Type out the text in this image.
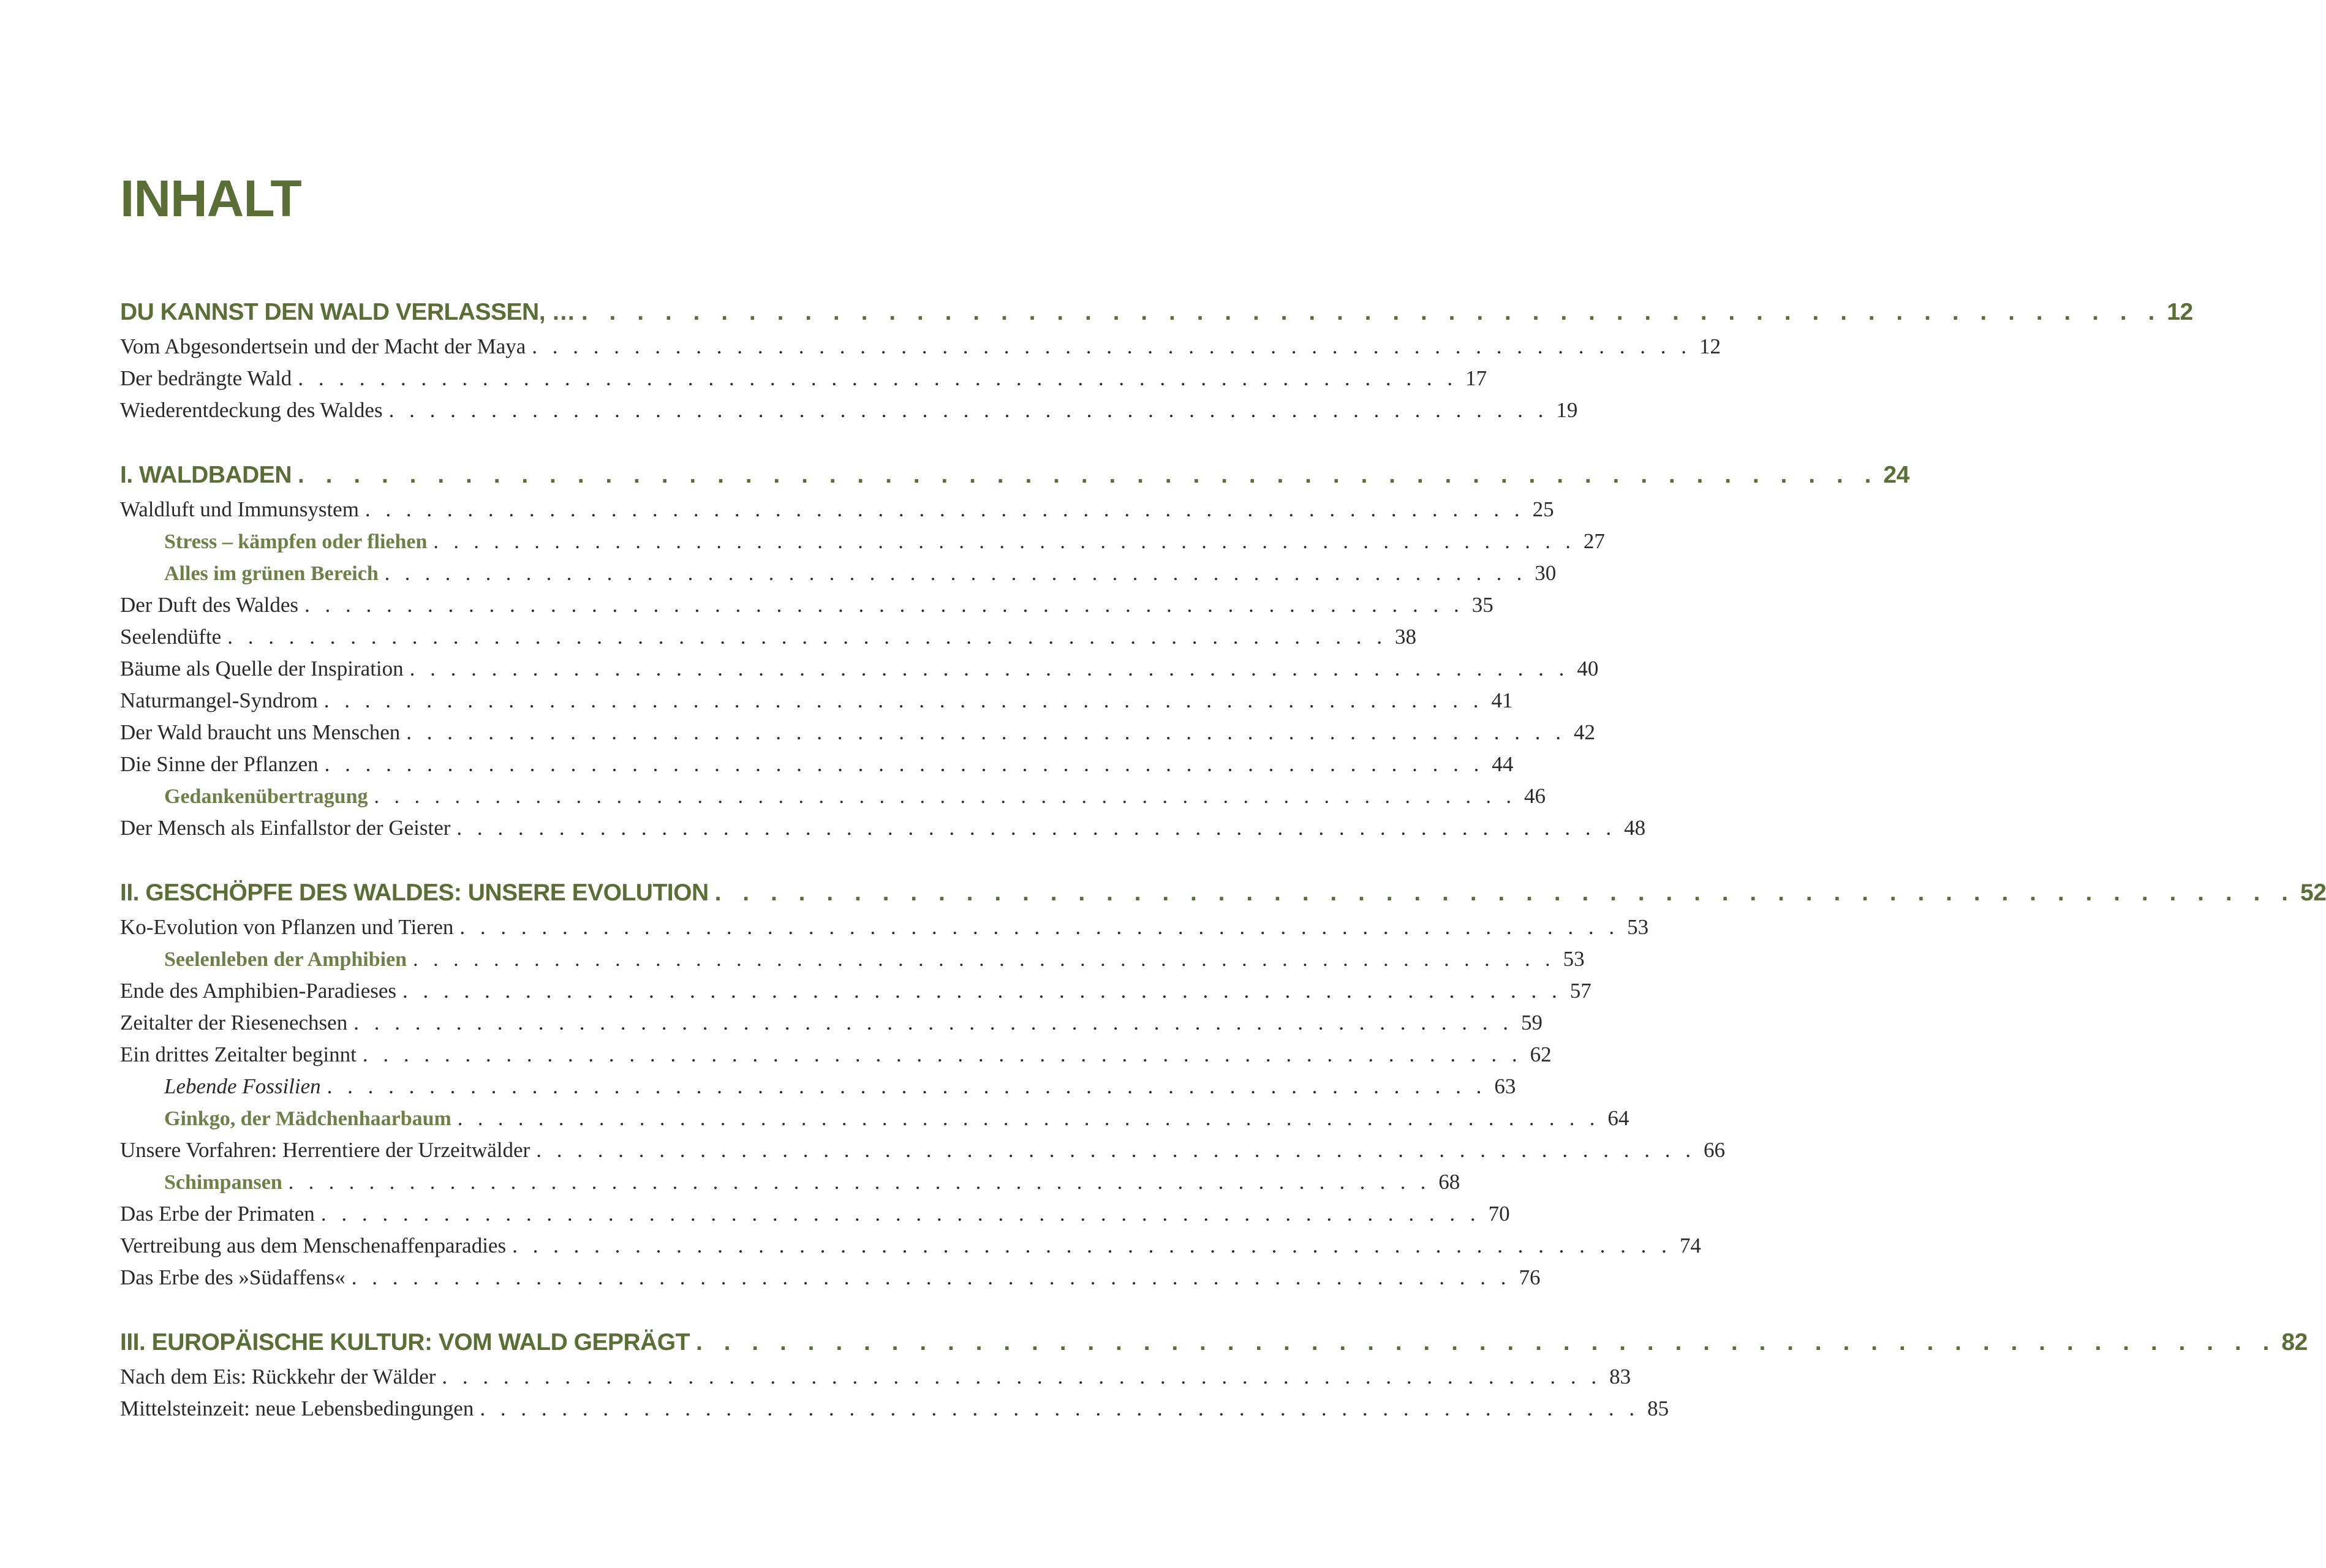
INHALT
DU KANNST DEN WALD VERLASSEN, … . . . . . . . . . . . . . . . . . . . . . . . . . . . . . . . . . . . . . . . . . . . . . . . . . . . . . . . . . 12
Vom Abgesondertsein und der Macht der Maya . . . . . . . . . . . . . . . . . . . . . . . . . . . . . . . . . . . . . . . . . . . . . . . . . . . . . . . . . 12
Der bedrängte Wald . . . . . . . . . . . . . . . . . . . . . . . . . . . . . . . . . . . . . . . . . . . . . . . . . . . . . . . . . 17
Wiederentdeckung des Waldes . . . . . . . . . . . . . . . . . . . . . . . . . . . . . . . . . . . . . . . . . . . . . . . . . . . . . . . . . 19
I. WALDBADEN . . . . . . . . . . . . . . . . . . . . . . . . . . . . . . . . . . . . . . . . . . . . . . . . . . . . . . . . . 24
Waldluft und Immunsystem . . . . . . . . . . . . . . . . . . . . . . . . . . . . . . . . . . . . . . . . . . . . . . . . . . . . . . . . . 25
Stress – kämpfen oder fliehen . . . . . . . . . . . . . . . . . . . . . . . . . . . . . . . . . . . . . . . . . . . . . . . . . . . . . . . . . 27
Alles im grünen Bereich . . . . . . . . . . . . . . . . . . . . . . . . . . . . . . . . . . . . . . . . . . . . . . . . . . . . . . . . . 30
Der Duft des Waldes . . . . . . . . . . . . . . . . . . . . . . . . . . . . . . . . . . . . . . . . . . . . . . . . . . . . . . . . . 35
Seelendüfte . . . . . . . . . . . . . . . . . . . . . . . . . . . . . . . . . . . . . . . . . . . . . . . . . . . . . . . . . 38
Bäume als Quelle der Inspiration . . . . . . . . . . . . . . . . . . . . . . . . . . . . . . . . . . . . . . . . . . . . . . . . . . . . . . . . . 40
Naturmangel-Syndrom . . . . . . . . . . . . . . . . . . . . . . . . . . . . . . . . . . . . . . . . . . . . . . . . . . . . . . . . . 41
Der Wald braucht uns Menschen . . . . . . . . . . . . . . . . . . . . . . . . . . . . . . . . . . . . . . . . . . . . . . . . . . . . . . . . . 42
Die Sinne der Pflanzen . . . . . . . . . . . . . . . . . . . . . . . . . . . . . . . . . . . . . . . . . . . . . . . . . . . . . . . . . 44
Gedankenübertragung . . . . . . . . . . . . . . . . . . . . . . . . . . . . . . . . . . . . . . . . . . . . . . . . . . . . . . . . . 46
Der Mensch als Einfallstor der Geister . . . . . . . . . . . . . . . . . . . . . . . . . . . . . . . . . . . . . . . . . . . . . . . . . . . . . . . . . 48
II. GESCHÖPFE DES WALDES: UNSERE EVOLUTION . . . . . . . . . . . . . . . . . . . . . . . . . . . . . . . . . . . . . . . . . . . . . . . . . . . . . . . . . 52
Ko-Evolution von Pflanzen und Tieren . . . . . . . . . . . . . . . . . . . . . . . . . . . . . . . . . . . . . . . . . . . . . . . . . . . . . . . . . 53
Seelenleben der Amphibien . . . . . . . . . . . . . . . . . . . . . . . . . . . . . . . . . . . . . . . . . . . . . . . . . . . . . . . . . 53
Ende des Amphibien-Paradieses . . . . . . . . . . . . . . . . . . . . . . . . . . . . . . . . . . . . . . . . . . . . . . . . . . . . . . . . . 57
Zeitalter der Riesenechsen . . . . . . . . . . . . . . . . . . . . . . . . . . . . . . . . . . . . . . . . . . . . . . . . . . . . . . . . . 59
Ein drittes Zeitalter beginnt . . . . . . . . . . . . . . . . . . . . . . . . . . . . . . . . . . . . . . . . . . . . . . . . . . . . . . . . . 62
Lebende Fossilien . . . . . . . . . . . . . . . . . . . . . . . . . . . . . . . . . . . . . . . . . . . . . . . . . . . . . . . . . 63
Ginkgo, der Mädchenhaarbaum . . . . . . . . . . . . . . . . . . . . . . . . . . . . . . . . . . . . . . . . . . . . . . . . . . . . . . . . . 64
Unsere Vorfahren: Herrentiere der Urzeitwälder . . . . . . . . . . . . . . . . . . . . . . . . . . . . . . . . . . . . . . . . . . . . . . . . . . . . . . . . . 66
Schimpansen . . . . . . . . . . . . . . . . . . . . . . . . . . . . . . . . . . . . . . . . . . . . . . . . . . . . . . . . . 68
Das Erbe der Primaten . . . . . . . . . . . . . . . . . . . . . . . . . . . . . . . . . . . . . . . . . . . . . . . . . . . . . . . . . 70
Vertreibung aus dem Menschenaffenparadies . . . . . . . . . . . . . . . . . . . . . . . . . . . . . . . . . . . . . . . . . . . . . . . . . . . . . . . . . 74
Das Erbe des »Südaffens« . . . . . . . . . . . . . . . . . . . . . . . . . . . . . . . . . . . . . . . . . . . . . . . . . . . . . . . . . 76
III. EUROPÄISCHE KULTUR: VOM WALD GEPRÄGT . . . . . . . . . . . . . . . . . . . . . . . . . . . . . . . . . . . . . . . . . . . . . . . . . . . . . . . . . 82
Nach dem Eis: Rückkehr der Wälder . . . . . . . . . . . . . . . . . . . . . . . . . . . . . . . . . . . . . . . . . . . . . . . . . . . . . . . . . 83
Mittelsteinzeit: neue Lebensbedingungen . . . . . . . . . . . . . . . . . . . . . . . . . . . . . . . . . . . . . . . . . . . . . . . . . . . . . . . . . 85
